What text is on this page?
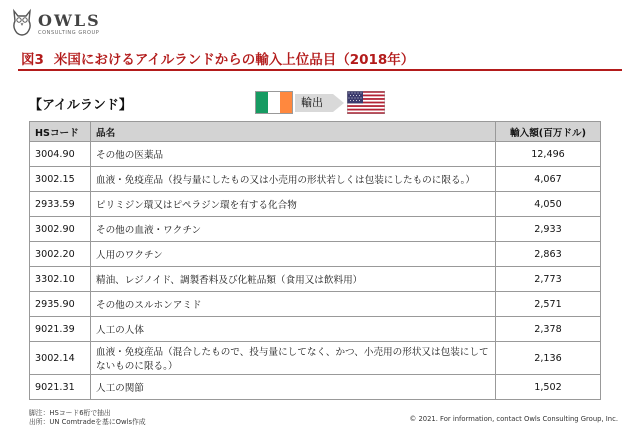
OWLS
CONSULTING GROUP
図3 米国におけるアイルランドからの輸入上位品目（2018年）
【アイルランド】	輸出
HSコード	品名	輸入額(百万ドル)
3004.90	その他の医薬品	12,496
3002.15	血液・免疫産品（投与量にしたもの又は小売用の形状若しくは包装にしたものに限る。）	4,067
2933.59	ピリミジン環又はピペラジン環を有する化合物	4,050
3002.90	その他の血液・ワクチン	2,933
3002.20	人用のワクチン	2,863
3302.10	精油、レジノイド、調製香料及び化粧品類（食用又は飲料用）	2,773
2935.90	その他のスルホンアミド	2,571
9021.39	人工の人体	2,378
3002.14	血液・免疫産品（混合したもので、投与量にしてなく、かつ、小売用の形状又は包装にしてないものに限る。）	2,136
9021.31	人工の関節	1,502
脚注：HSコード6桁で抽出
出所：UN Comtradeを基にOwls作成	© 2021. For information, contact Owls Consulting Group, Inc.
